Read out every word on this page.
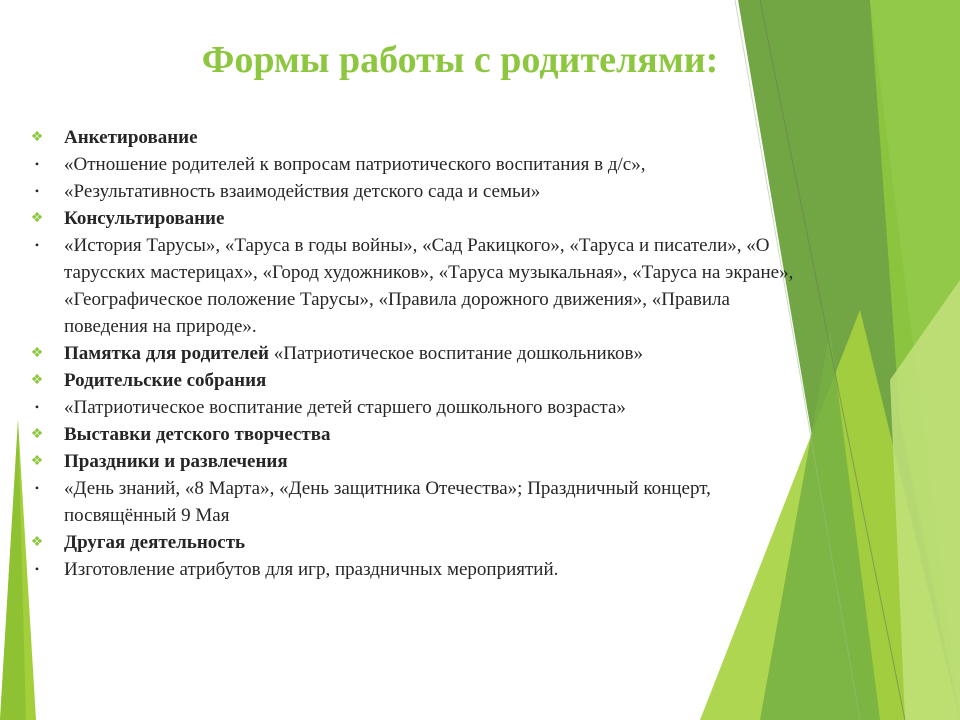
Формы работы с родителями:
❖ Анкетирование
•	«Отношение родителей к вопросам патриотического воспитания в д/с»,
•	«Результативность взаимодействия детского сада и семьи»
❖ Консультирование
•	«История Тарусы», «Таруса в годы войны», «Сад Ракицкого», «Таруса и писатели», «О тарусских мастерицах», «Город художников», «Таруса музыкальная», «Таруса на экране», «Географическое положение Тарусы», «Правила дорожного движения», «Правила поведения на природе».
❖ Памятка для родителей «Патриотическое воспитание дошкольников»
❖ Родительские собрания
•	«Патриотическое воспитание детей старшего дошкольного возраста»
❖ Выставки детского творчества
❖ Праздники и развлечения
•	«День знаний, «8 Марта», «День защитника Отечества»; Праздничный концерт, посвящённый 9 Мая
❖ Другая деятельность
•	Изготовление атрибутов для игр, праздничных мероприятий.
